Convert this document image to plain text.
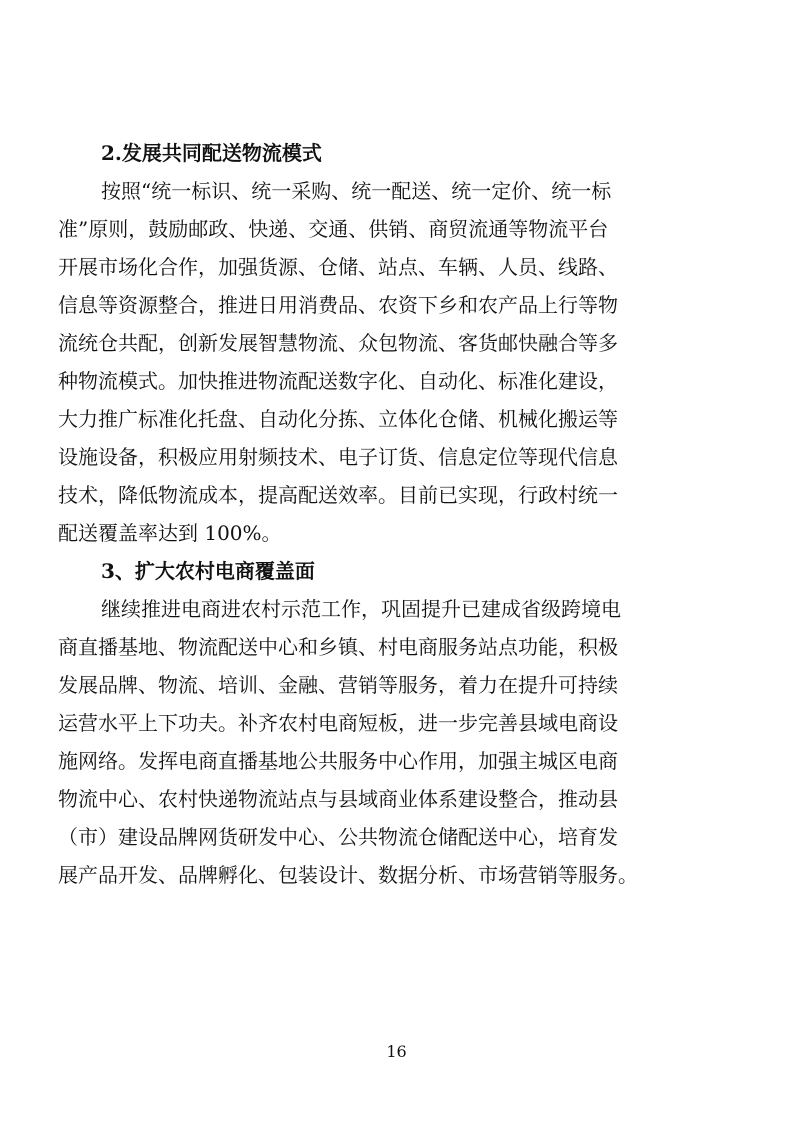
2.发展共同配送物流模式

按照“统一标识、统一采购、统一配送、统一定价、统一标

准”原则，鼓励邮政、快递、交通、供销、商贸流通等物流平台

开展市场化合作，加强货源、仓储、站点、车辆、人员、线路、

信息等资源整合，推进日用消费品、农资下乡和农产品上行等物

流统仓共配，创新发展智慧物流、众包物流、客货邮快融合等多

种物流模式。加快推进物流配送数字化、自动化、标准化建设，

大力推广标准化托盘、自动化分拣、立体化仓储、机械化搬运等

设施设备，积极应用射频技术、电子订货、信息定位等现代信息

技术，降低物流成本，提高配送效率。目前已实现，行政村统一

配送覆盖率达到 100%。

3、扩大农村电商覆盖面

继续推进电商进农村示范工作，巩固提升已建成省级跨境电

商直播基地、物流配送中心和乡镇、村电商服务站点功能，积极

发展品牌、物流、培训、金融、营销等服务，着力在提升可持续

运营水平上下功夫。补齐农村电商短板，进一步完善县域电商设

施网络。发挥电商直播基地公共服务中心作用，加强主城区电商

物流中心、农村快递物流站点与县域商业体系建设整合，推动县

（市）建设品牌网货研发中心、公共物流仓储配送中心，培育发

展产品开发、品牌孵化、包装设计、数据分析、市场营销等服务。

16
